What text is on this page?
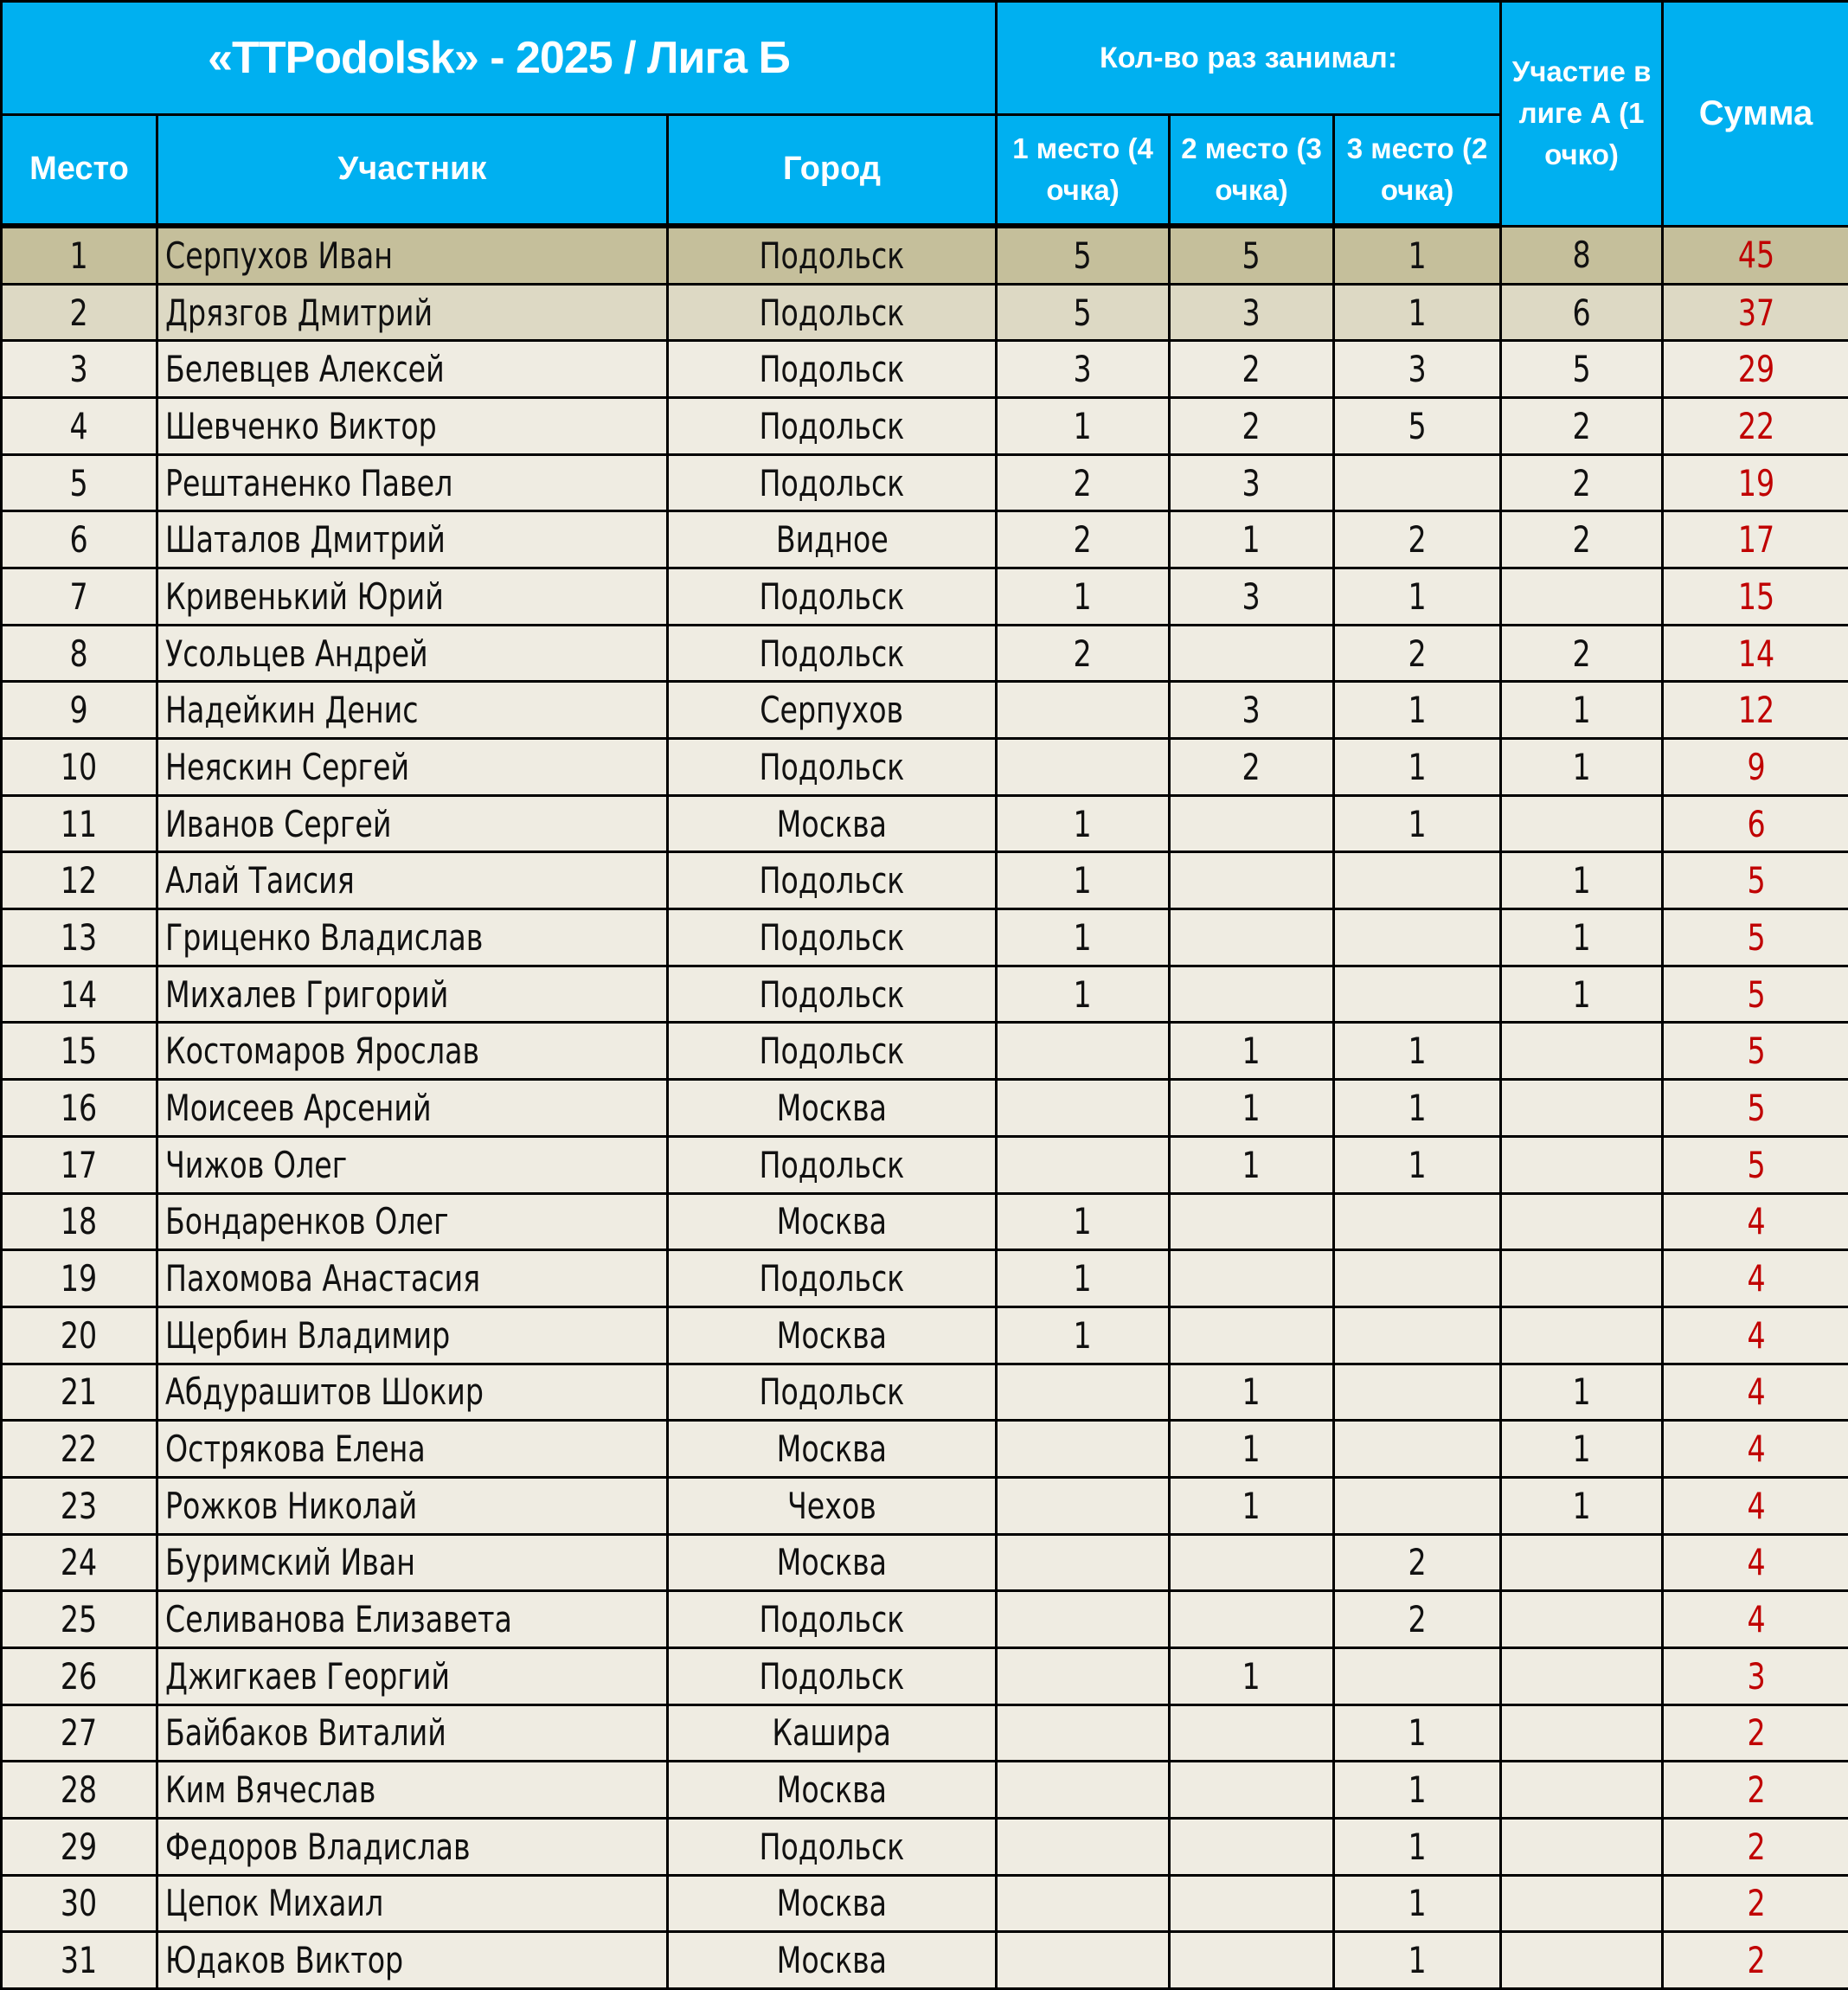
«TTPodolsk» - 2025 / Лига Б			Кол-во раз занимал:			Участие в лиге А (1 очко)	Сумма
Место	Участник	Город	1 место (4 очка)	2 место (3 очка)	3 место (2 очка)		
1	Серпухов Иван	Подольск	5	5	1	8	45
2	Дрязгов Дмитрий	Подольск	5	3	1	6	37
3	Белевцев Алексей	Подольск	3	2	3	5	29
4	Шевченко Виктор	Подольск	1	2	5	2	22
5	Рештаненко Павел	Подольск	2	3		2	19
6	Шаталов Дмитрий	Видное	2	1	2	2	17
7	Кривенький Юрий	Подольск	1	3	1		15
8	Усольцев Андрей	Подольск	2		2	2	14
9	Надейкин Денис	Серпухов		3	1	1	12
10	Неяскин Сергей	Подольск		2	1	1	9
11	Иванов Сергей	Москва	1		1		6
12	Алай Таисия	Подольск	1			1	5
13	Гриценко Владислав	Подольск	1			1	5
14	Михалев Григорий	Подольск	1			1	5
15	Костомаров Ярослав	Подольск		1	1		5
16	Моисеев Арсений	Москва		1	1		5
17	Чижов Олег	Подольск		1	1		5
18	Бондаренков Олег	Москва	1				4
19	Пахомова Анастасия	Подольск	1				4
20	Щербин Владимир	Москва	1				4
21	Абдурашитов Шокир	Подольск		1		1	4
22	Острякова Елена	Москва		1		1	4
23	Рожков Николай	Чехов		1		1	4
24	Буримский Иван	Москва			2		4
25	Селиванова Елизавета	Подольск			2		4
26	Джигкаев Георгий	Подольск		1			3
27	Байбаков Виталий	Кашира			1		2
28	Ким Вячеслав	Москва			1		2
29	Федоров Владислав	Подольск			1		2
30	Цепок Михаил	Москва			1		2
31	Юдаков Виктор	Москва			1		2
